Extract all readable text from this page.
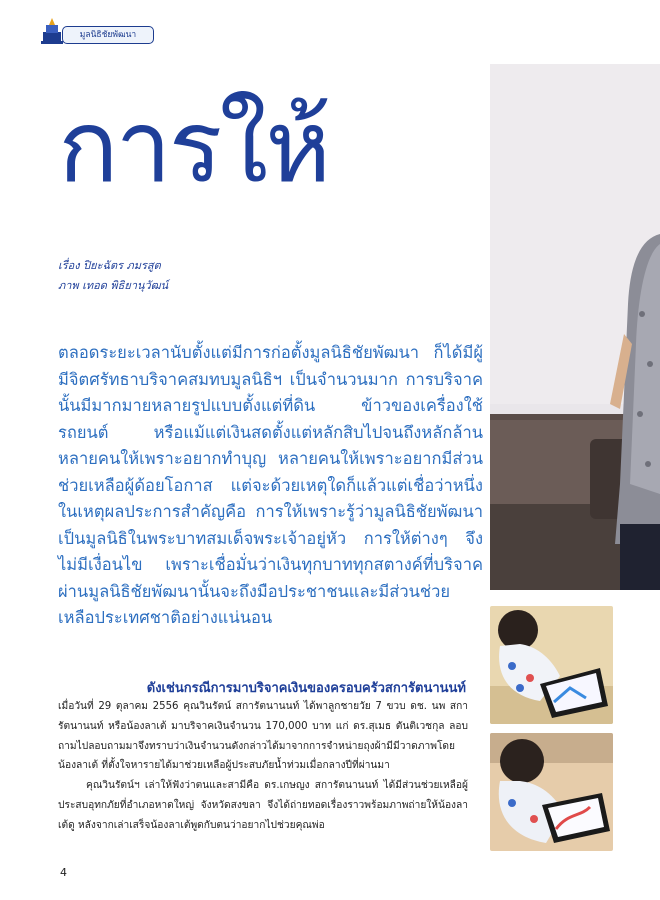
มูลนิธิชัยพัฒนา
การให้
เรื่อง ปิยะฉัตร ภมรสูต
ภาพ เทอด พิธิยานุวัฒน์
ตลอดระยะเวลานับตั้งแต่มีการก่อตั้งมูลนิธิชัยพัฒนา ก็ได้มีผู้มีจิตศรัทธาบริจาคสมทบมูลนิธิฯ เป็นจำนวนมาก การบริจาคนั้นมีมากมายหลายรูปแบบตั้งแต่ที่ดิน ข้าวของเครื่องใช้ รถยนต์ หรือแม้แต่เงินสดตั้งแต่หลักสิบไปจนถึงหลักล้าน หลายคนให้เพราะอยากทำบุญ หลายคนให้เพราะอยากมีส่วนช่วยเหลือผู้ด้อยโอกาส แต่จะด้วยเหตุใดก็แล้วแต่เชื่อว่าหนึ่งในเหตุผลประการสำคัญคือ การให้เพราะรู้ว่ามูลนิธิชัยพัฒนาเป็นมูลนิธิในพระบาทสมเด็จพระเจ้าอยู่หัว การให้ต่างๆ จึงไม่มีเงื่อนไข เพราะเชื่อมั่นว่าเงินทุกบาททุกสตางค์ที่บริจาคผ่านมูลนิธิชัยพัฒนานั้นจะถึงมือประชาชนและมีส่วนช่วยเหลือประเทศชาติอย่างแน่นอน
ดังเช่นกรณีการมาบริจาคเงินของครอบครัวสการัตนานนท์

เมื่อวันที่ 29 ตุลาคม 2556 คุณวินรัตน์ สการัตนานนท์ ได้พาลูกชายวัย 7 ขวบ ดช. นพ สการัตนานนท์ หรือน้องลาเต้ มาบริจาคเงินจำนวน 170,000 บาท แก่ ดร.สุเมธ ตันติเวชกุล ลอบถามไปลอบถามมาจึงทราบว่าเงินจำนวนดังกล่าวได้มาจากการจำหน่ายถุงผ้ามีมีวาดภาพโดยน้องลาเต้ ที่ตั้งใจหารายได้มาช่วยเหลือผู้ประสบภัยน้ำท่วมเมื่อกลางปีที่ผ่านมา

คุณวินรัตน์ฯ เล่าให้ฟังว่าตนและสามีคือ ดร.เกษญง สการัตนานนท์ ได้มีส่วนช่วยเหลือผู้ประสบอุทกภัยที่อำเภอหาดใหญ่ จังหวัดสงขลา จึงได้ถ่ายทอดเรื่องราวพร้อมภาพถ่ายให้น้องลาเต้ดู หลังจากเล่าเสร็จน้องลาเต้พูดกับตนว่าอยากไปช่วยคุณพ่อ

4
